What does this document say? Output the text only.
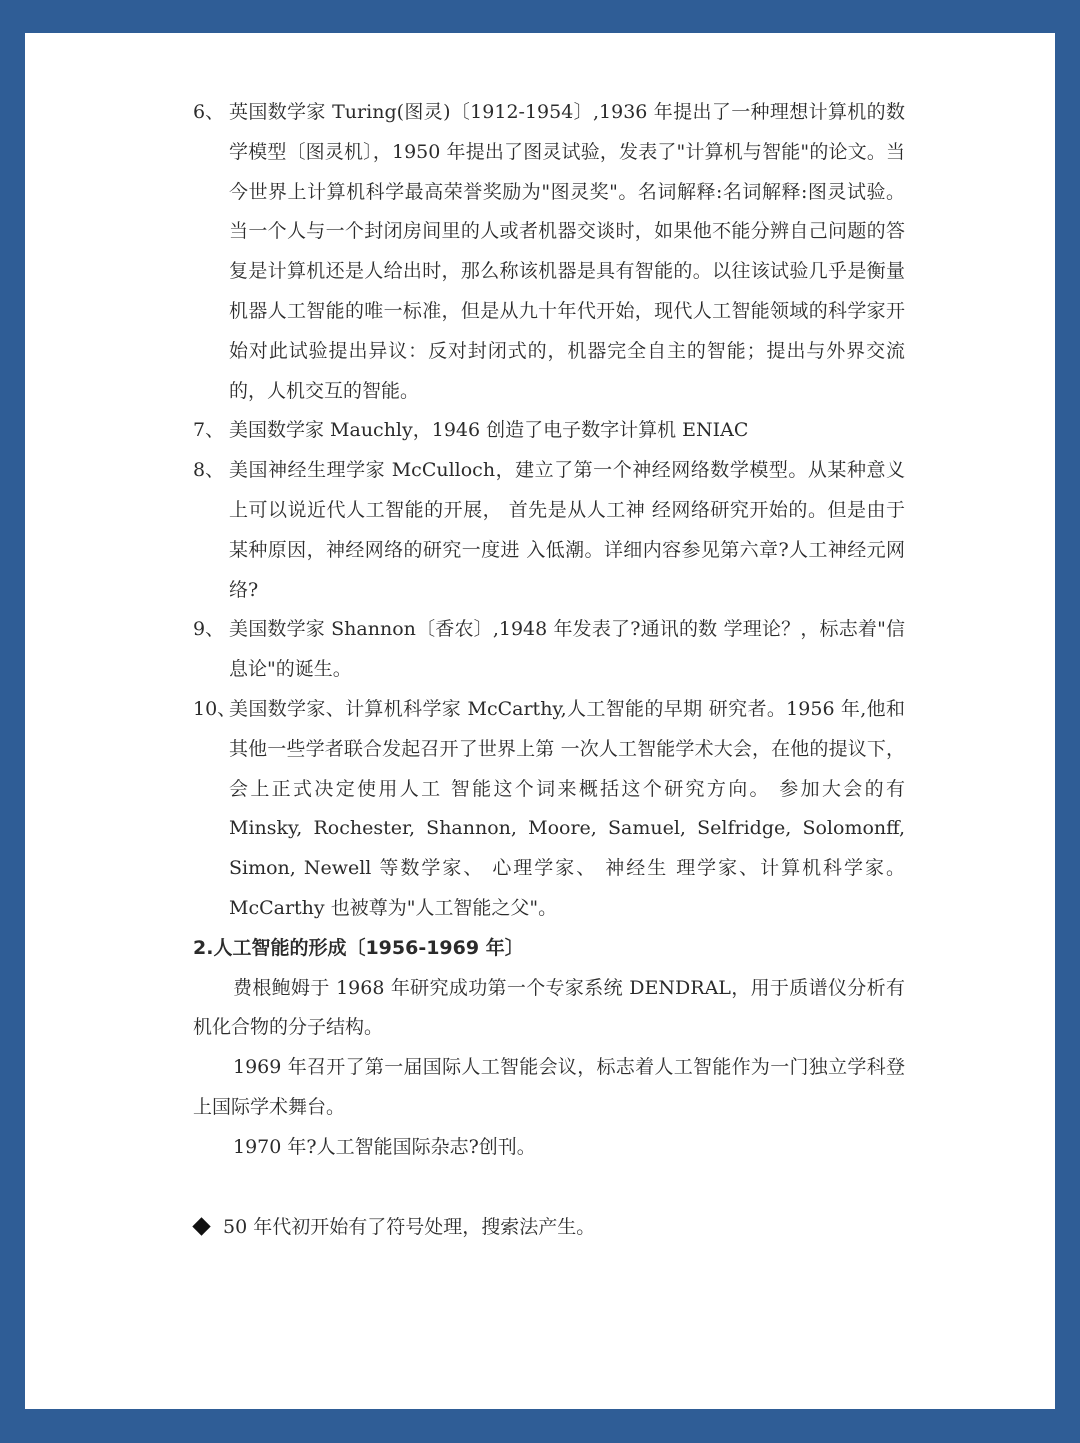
6、 英国数学家 Turing(图灵)〔1912-1954〕,1936 年提出了一种理想计算机的数学模型〔图灵机〕，1950 年提出了图灵试验，发表了"计算机与智能"的论文。当今世界上计算机科学最高荣誉奖励为"图灵奖"。名词解释:名词解释:图灵试验。当一个人与一个封闭房间里的人或者机器交谈时，如果他不能分辨自己问题的答复是计算机还是人给出时，那么称该机器是具有智能的。以往该试验几乎是衡量机器人工智能的唯一标准，但是从九十年代开始，现代人工智能领域的科学家开始对此试验提出异议：反对封闭式的，机器完全自主的智能；提出与外界交流的，人机交互的智能。

7、 美国数学家 Mauchly，1946 创造了电子数字计算机 ENIAC

8、 美国神经生理学家 McCulloch，建立了第一个神经网络数学模型。从某种意义上可以说近代人工智能的开展， 首先是从人工神 经网络研究开始的。但是由于某种原因，神经网络的研究一度进 入低潮。详细内容参见第六章?人工神经元网络?

9、 美国数学家 Shannon〔香农〕,1948 年发表了?通讯的数 学理论？，标志着"信息论"的诞生。

10、

美国数学家、计算机科学家 McCarthy,人工智能的早期 研究者。1956 年,他和其他一些学者联合发起召开了世界上第 一次人工智能学术大会，在他的提议下，会上正式决定使用人工 智能这个词来概括这个研究方向。 参加大会的有 Minsky, Rochester, Shannon, Moore, Samuel, Selfridge, Solomonff, Simon, Newell 等数学家、 心理学家、 神经生 理学家、计算机科学家。McCarthy 也被尊为"人工智能之父"。

2.人工智能的形成〔1956-1969 年〕

费根鲍姆于 1968 年研究成功第一个专家系统 DENDRAL，用于质谱仪分析有机化合物的分子结构。

1969 年召开了第一届国际人工智能会议，标志着人工智能作为一门独立学科登上国际学术舞台。

1970 年?人工智能国际杂志?创刊。

50 年代初开始有了符号处理，搜索法产生。
